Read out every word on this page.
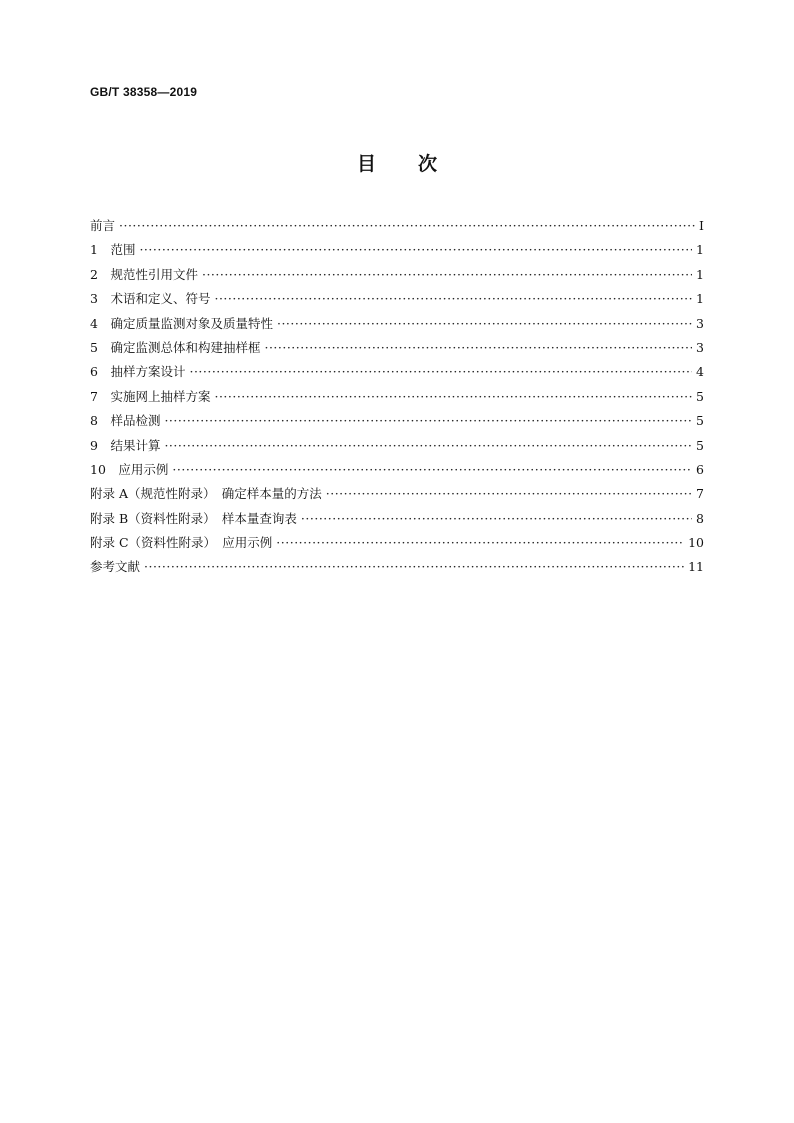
GB/T 38358—2019
目 次
前言 ·····	Ⅰ
1　范围 ·····	1
2　规范性引用文件 ·····	1
3　术语和定义、符号 ·····	1
4　确定质量监测对象及质量特性 ·····	3
5　确定监测总体和构建抽样框 ·····	3
6　抽样方案设计 ·····	4
7　实施网上抽样方案 ·····	5
8　样品检测 ·····	5
9　结果计算 ·····	5
10　应用示例 ·····	6
附录 A（规范性附录）　确定样本量的方法 ·····	7
附录 B（资料性附录）　样本量查询表 ·····	8
附录 C（资料性附录）　应用示例 ·····	10
参考文献 ·····	11
